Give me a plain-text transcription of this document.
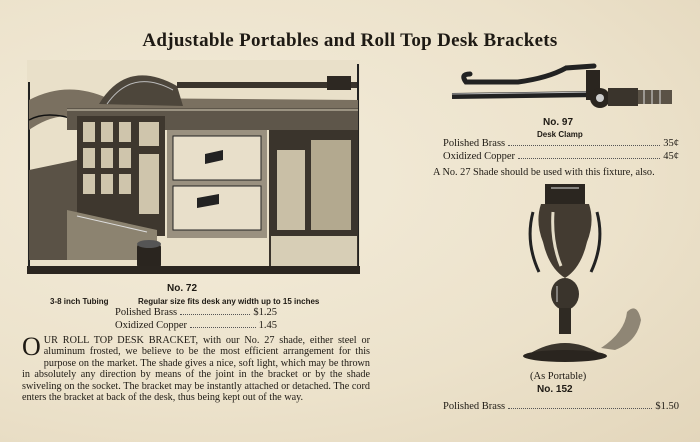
Adjustable Portables and Roll Top Desk Brackets
No. 72
3-8 inch Tubing	Regular size fits desk any width up to 15 inches
Polished Brass	$1.25
Oxidized Copper	1.45
O UR ROLL TOP DESK BRACKET, with our No. 27 shade, either steel or aluminum frosted, we believe to be the most efficient arrangement for this purpose on the market. The shade gives a nice, soft light, which may be thrown in absolutely any direction by means of the joint in the bracket or by the shade swiveling on the socket. The bracket may be instantly attached or detached. The cord enters the bracket at back of the desk, thus being kept out of the way.
No. 97
Desk Clamp
Polished Brass	35¢
Oxidized Copper	45¢
A No. 27 Shade should be used with this fixture, also.
(As Portable)
No. 152
Polished Brass	$1.50
